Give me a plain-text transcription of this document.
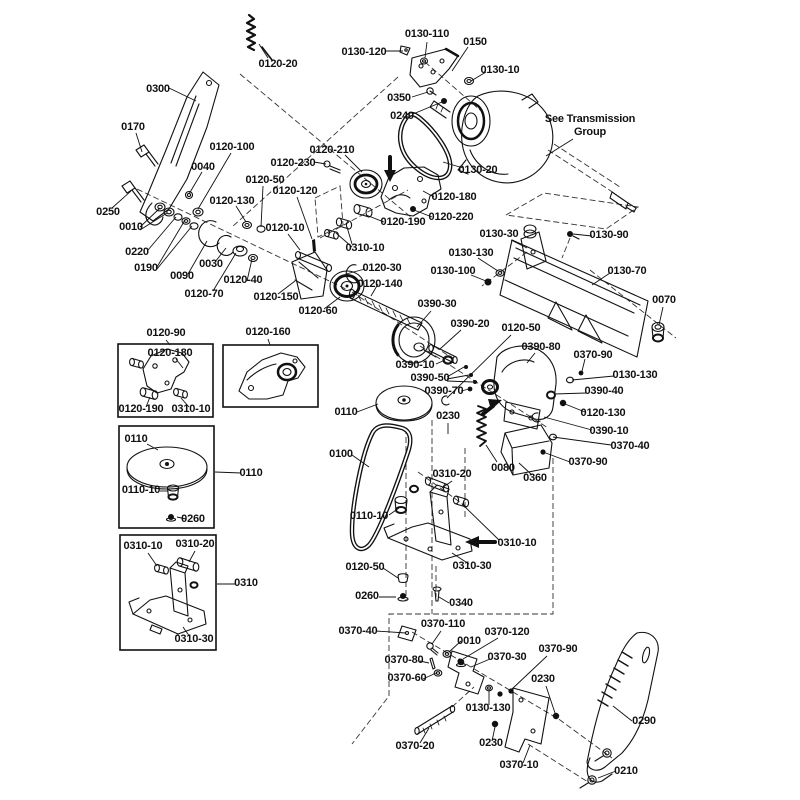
0120-20
0300
0170
0130-120
0130-110
0150
0130-10
0350
0240	See Transmission
Group
0130-20
0120-100
0040
0120-210
0120-230
0120-50
0120-120
0120-130
0120-10
0310-10
0120-180
0120-220
0120-190
0250
0010
0220
0190
0090
0030
0120-40
0120-70	0120-150
0120-60
0120-30
0120-140
0130-30	0130-90
0130-130
0130-100	0130-70
0070
0390-30
0390-20 0120-50
0390-80
0370-90
0130-130
0390-40
0120-130
0390-10
0370-40
0370-90
0390-10
0390-50
0390-70
0230
0110
0100
0110-10
0310-20
0310-10
0310-30
0120-50
0260
0340
0080
0360
0370-40
0370-110
0010
0370-120
0370-80	0370-30
0370-90
0370-60	0230
0130-130
0370-20	0230
0370-10
0290
0210
0120-90	0120-160
0120-180
0120-190 0310-10
0110
0110-10
0260
0110
0310-10 0310-20
0310
0310-30
